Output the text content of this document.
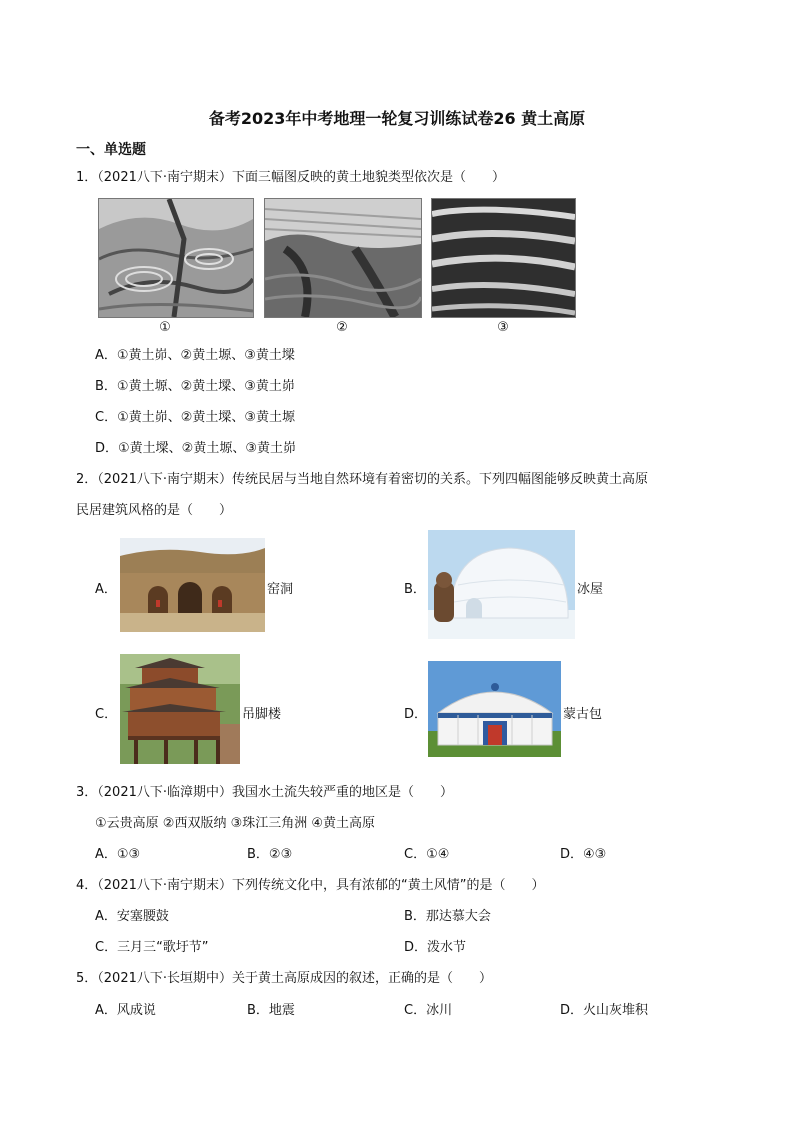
备考2023年中考地理一轮复习训练试卷26 黄土高原
一、单选题
1．（2021八下·南宁期末）下面三幅图反映的黄土地貌类型依次是（　　）
①	②	③
A．①黄土峁、②黄土塬、③黄土墚
B．①黄土塬、②黄土墚、③黄土峁
C．①黄土峁、②黄土墚、③黄土塬
D．①黄土墚、②黄土塬、③黄土峁
2．（2021八下·南宁期末）传统民居与当地自然环境有着密切的关系。下列四幅图能够反映黄土高原
民居建筑风格的是（　　）
A．	窑洞	B．	冰屋
C．	吊脚楼	D．	蒙古包
3．（2021八下·临漳期中）我国水土流失较严重的地区是（　　）
①云贵高原 ②西双版纳 ③珠江三角洲 ④黄土高原
A．①③	B．②③	C．①④	D．④③
4．（2021八下·南宁期末）下列传统文化中，具有浓郁的“黄土风情”的是（　　）
A．安塞腰鼓	B．那达慕大会
C．三月三“歌圩节”	D．泼水节
5．（2021八下·长垣期中）关于黄土高原成因的叙述，正确的是（　　）
A．风成说	B．地震	C．冰川	D．火山灰堆积
